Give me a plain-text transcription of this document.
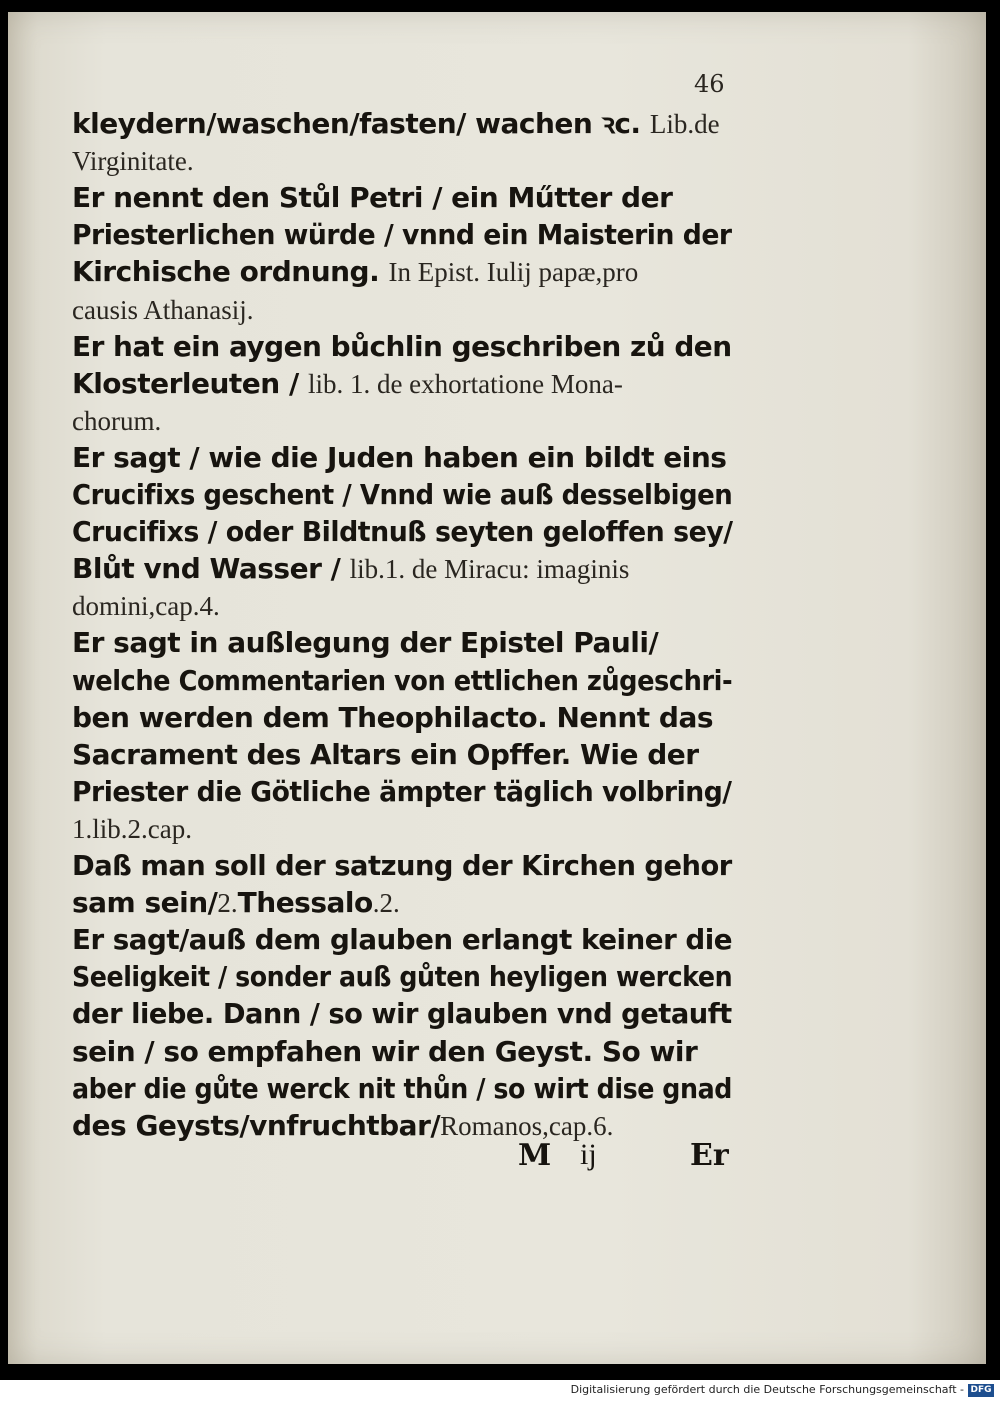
46
kleydern/waschen/fasten/ wachen ꝛc. Lib.de
Virginitate.
Er nennt den Stůl Petri / ein Műtter der
Priesterlichen würde / vnnd ein Maisterin der
Kirchische ordnung. In Epist. Iulij papæ,pro
causis Athanasij.
Er hat ein aygen bůchlin geschriben zů den
Klosterleuten / lib. 1. de exhortatione Mona-
chorum.
Er sagt / wie die Juden haben ein bildt eins
Crucifixs geschent / Vnnd wie auß desselbigen
Crucifixs / oder Bildtnuß seyten geloffen sey/
Blůt vnd Wasser / lib.1. de Miracu: imaginis
domini,cap.4.
Er sagt in außlegung der Epistel Pauli/
welche Commentarien von ettlichen zůgeschri-
ben werden dem Theophilacto. Nennt das
Sacrament des Altars ein Opffer. Wie der
Priester die Götliche ämpter täglich volbring/
1.lib.2.cap.
Daß man soll der satzung der Kirchen gehor
sam sein/2.Thessalo.2.
Er sagt/auß dem glauben erlangt keiner die
Seeligkeit / sonder auß gůten heyligen wercken
der liebe. Dann / so wir glauben vnd getauft
sein / so empfahen wir den Geyst. So wir
aber die gůte werck nit thůn / so wirt dise gnad
des Geysts/vnfruchtbar/Romanos,cap.6.
M ij	Er
Digitalisierung gefördert durch die Deutsche Forschungsgemeinschaft - DFG
